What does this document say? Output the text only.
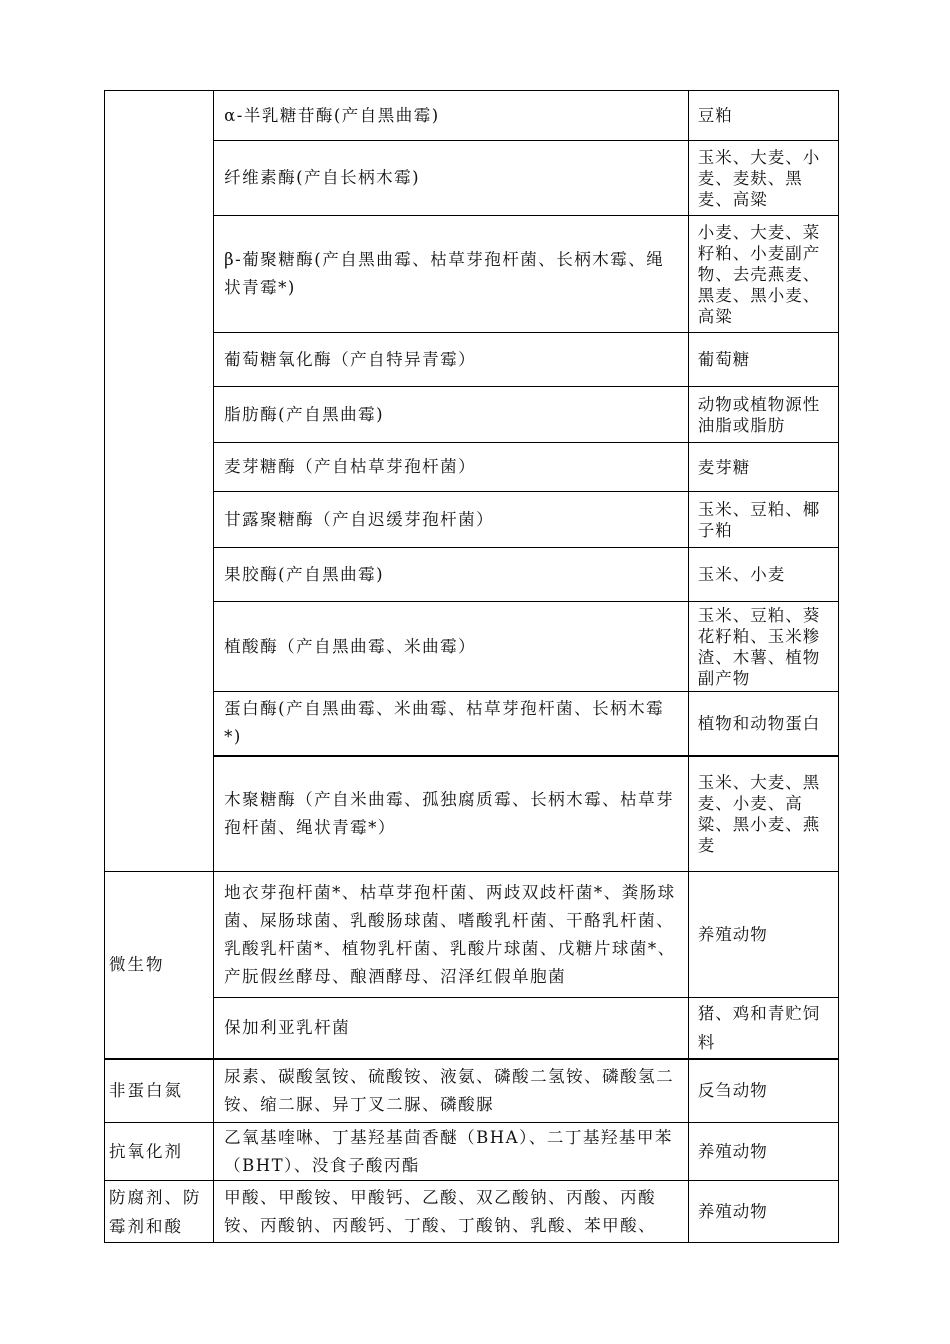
	α-半乳糖苷酶(产自黑曲霉)	豆粕

	纤维素酶(产自长柄木霉)	玉米、大麦、小麦、麦麸、黑麦、高粱

	β-葡聚糖酶(产自黑曲霉、枯草芽孢杆菌、长柄木霉、绳状青霉*)	小麦、大麦、菜籽粕、小麦副产物、去壳燕麦、黑麦、黑小麦、高粱

	葡萄糖氧化酶（产自特异青霉）	葡萄糖

	脂肪酶(产自黑曲霉)	动物或植物源性油脂或脂肪

	麦芽糖酶（产自枯草芽孢杆菌）	麦芽糖

	甘露聚糖酶（产自迟缓芽孢杆菌）	玉米、豆粕、椰子粕

	果胶酶(产自黑曲霉)	玉米、小麦

	植酸酶（产自黑曲霉、米曲霉）	玉米、豆粕、葵花籽粕、玉米糁渣、木薯、植物副产物

	蛋白酶(产自黑曲霉、米曲霉、枯草芽孢杆菌、长柄木霉*)	植物和动物蛋白

	木聚糖酶（产自米曲霉、孤独腐质霉、长柄木霉、枯草芽孢杆菌、绳状青霉*）	玉米、大麦、黑麦、小麦、高粱、黑小麦、燕麦

微生物	地衣芽孢杆菌*、枯草芽孢杆菌、两歧双歧杆菌*、粪肠球菌、屎肠球菌、乳酸肠球菌、嗜酸乳杆菌、干酪乳杆菌、乳酸乳杆菌*、植物乳杆菌、乳酸片球菌、戊糖片球菌*、产朊假丝酵母、酿酒酵母、沼泽红假单胞菌	养殖动物

	保加利亚乳杆菌	猪、鸡和青贮饲料

非蛋白氮	尿素、碳酸氢铵、硫酸铵、液氨、磷酸二氢铵、磷酸氢二铵、缩二脲、异丁叉二脲、磷酸脲	反刍动物

抗氧化剂	乙氧基喹啉、丁基羟基茴香醚（BHA）、二丁基羟基甲苯（BHT）、没食子酸丙酯	养殖动物

防腐剂、防霉剂和酸	甲酸、甲酸铵、甲酸钙、乙酸、双乙酸钠、丙酸、丙酸铵、丙酸钠、丙酸钙、丁酸、丁酸钠、乳酸、苯甲酸、	养殖动物
